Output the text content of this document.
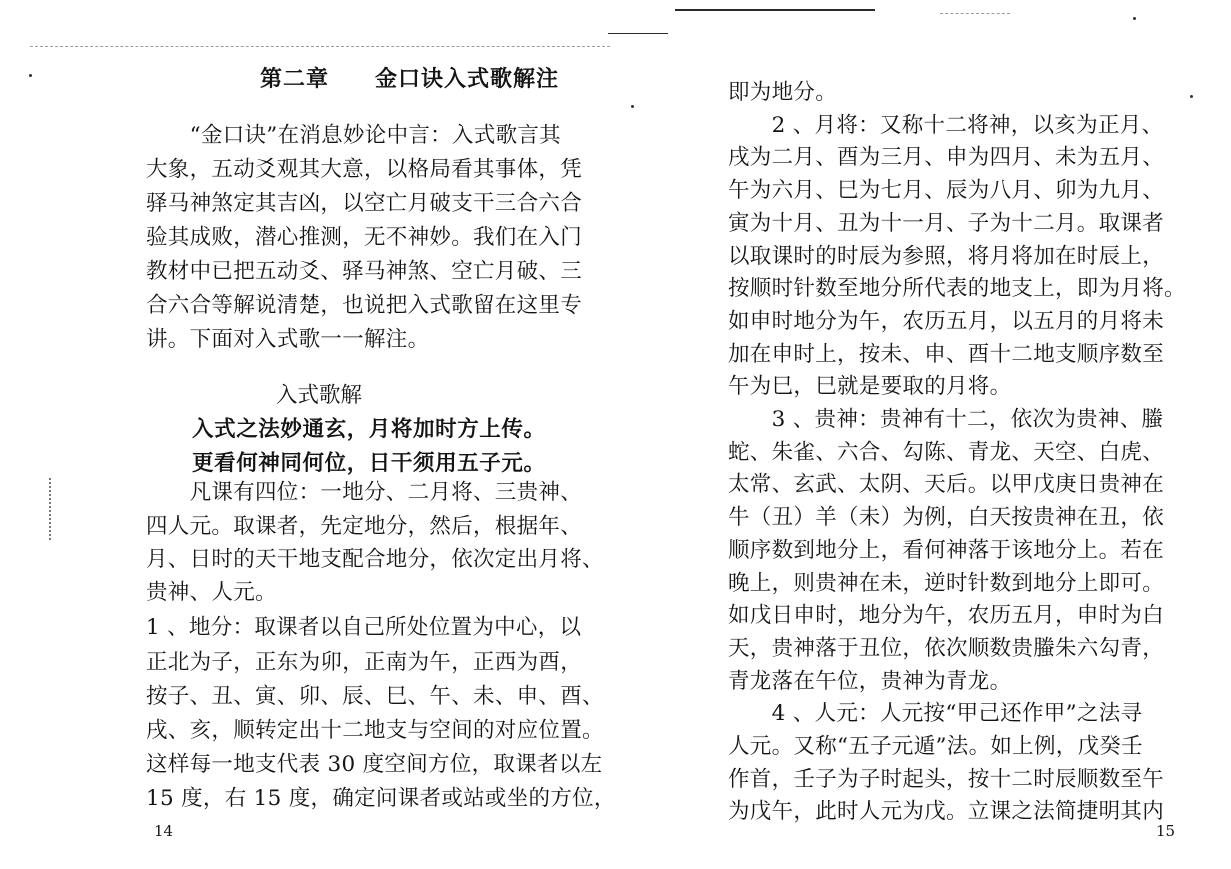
第二章　　金口诀入式歌解注
　　“金口诀”在消息妙论中言：入式歌言其
大象，五动爻观其大意，以格局看其事体，凭
驿马神煞定其吉凶，以空亡月破支干三合六合
验其成败，潜心推测，无不神妙。我们在入门
教材中已把五动爻、驿马神煞、空亡月破、三
合六合等解说清楚，也说把入式歌留在这里专
讲。下面对入式歌一一解注。
入式歌解
入式之法妙通玄，月将加时方上传。
更看何神同何位，日干须用五子元。
　　凡课有四位：一地分、二月将、三贵神、
四人元。取课者，先定地分，然后，根据年、
月、日时的天干地支配合地分，依次定出月将、
贵神、人元。
1 、地分：取课者以自己所处位置为中心，以
正北为子，正东为卯，正南为午，正西为酉，
按子、丑、寅、卯、辰、巳、午、未、申、酉、
戌、亥，顺转定出十二地支与空间的对应位置。
这样每一地支代表 30 度空间方位，取课者以左
15 度，右 15 度，确定问课者或站或坐的方位，
14
即为地分。
　　2 、月将：又称十二将神，以亥为正月、
戌为二月、酉为三月、申为四月、未为五月、
午为六月、巳为七月、辰为八月、卯为九月、
寅为十月、丑为十一月、子为十二月。取课者
以取课时的时辰为参照，将月将加在时辰上，
按顺时针数至地分所代表的地支上，即为月将。
如申时地分为午，农历五月，以五月的月将未
加在申时上，按未、申、酉十二地支顺序数至
午为巳，巳就是要取的月将。
　　3 、贵神：贵神有十二，依次为贵神、螣
蛇、朱雀、六合、勾陈、青龙、天空、白虎、
太常、玄武、太阴、天后。以甲戊庚日贵神在
牛（丑）羊（未）为例，白天按贵神在丑，依
顺序数到地分上，看何神落于该地分上。若在
晚上，则贵神在未，逆时针数到地分上即可。
如戊日申时，地分为午，农历五月，申时为白
天，贵神落于丑位，依次顺数贵螣朱六勾青，
青龙落在午位，贵神为青龙。
　　4 、人元：人元按“甲己还作甲”之法寻
人元。又称“五子元遁”法。如上例，戊癸壬
作首，壬子为子时起头，按十二时辰顺数至午
为戊午，此时人元为戊。立课之法简捷明其内
15
